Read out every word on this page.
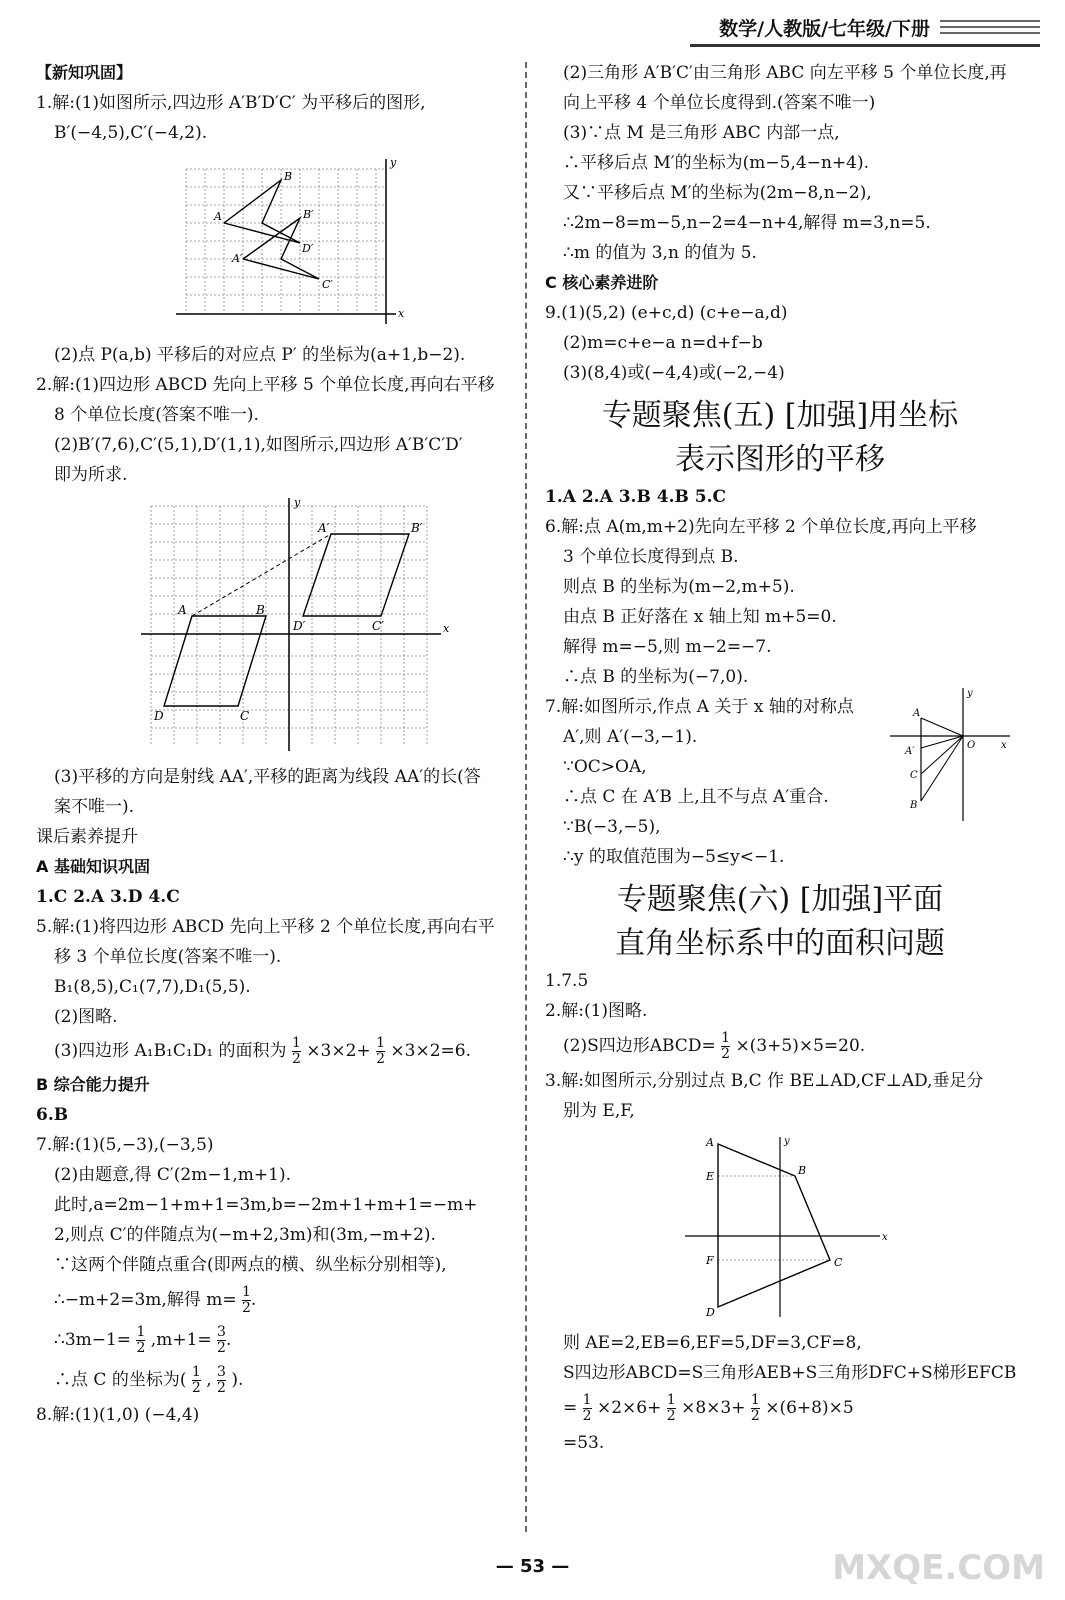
数学/人教版/七年级/下册

【新知巩固】

1.解:(1)如图所示,四边形 A′B′D′C′ 为平移后的图形,

B′(−4,5),C′(−4,2).

B
A	B′
A′
C′
D′
y
x

(2)点 P(a,b) 平移后的对应点 P′ 的坐标为(a+1,b−2).

2.解:(1)四边形 ABCD 先向上平移 5 个单位长度,再向右平移

8 个单位长度(答案不唯一).

(2)B′(7,6),C′(5,1),D′(1,1),如图所示,四边形 A′B′C′D′

即为所求.

A	B
C
D
A′	B′
C′
D′
y
x

(3)平移的方向是射线 AA′,平移的距离为线段 AA′的长(答

案不唯一).

课后素养提升

A 基础知识巩固

1.C 2.A 3.D 4.C

5.解:(1)将四边形 ABCD 先向上平移 2 个单位长度,再向右平

移 3 个单位长度(答案不唯一).

B₁(8,5),C₁(7,7),D₁(5,5).

(2)图略.

(3)四边形 A₁B₁C₁D₁ 的面积为 $\frac{1}{2} \times 3\times 2+ \frac{1}{2} \times 3\times 2=6$.

B 综合能力提升

6.B

7.解:(1)(5,−3),(−3,5)

(2)由题意,得 C′(2m−1,m+1).

此时,a=2m−1+m+1=3m,b=−2m+1+m+1=−m+

2,则点 C′的伴随点为(−m+2,3m)和(3m,−m+2).

∵这两个伴随点重合(即两点的横、纵坐标分别相等),

∴−m+2=3m,解得 $m= \frac{1}{2}$ .

∴3m−1= $\frac{1}{2} ,m+1= \frac{3}{2}$ .

∴点 C 的坐标为( $\frac{1}{2}$ , $\frac{3}{2}$ ).

8.解:(1)(1,0) (−4,4)

(2)三角形 A′B′C′由三角形 ABC 向左平移 5 个单位长度,再

向上平移 4 个单位长度得到.(答案不唯一)

(3)∵点 M 是三角形 ABC 内部一点,

∴平移后点 M′的坐标为(m−5,4−n+4).

又∵平移后点 M′的坐标为(2m−8,n−2),

∴2m−8=m−5,n−2=4−n+4,解得 m=3,n=5.

∴m 的值为 3,n 的值为 5.

C 核心素养进阶

9.(1)(5,2) (e+c,d) (c+e−a,d)

(2)m=c+e−a n=d+f−b

(3)(8,4)或(−4,4)或(−2,−4)

专题聚焦(五) [加强]用坐标
表示图形的平移

1.A 2.A 3.B 4.B 5.C

6.解:点 A(m,m+2)先向左平移 2 个单位长度,再向上平移

3 个单位长度得到点 B.

则点 B 的坐标为(m−2,m+5).

由点 B 正好落在 x 轴上知 m+5=0.

解得 m=−5,则 m−2=−7.

∴点 B 的坐标为(−7,0).

A
A′
C
B
O
y
x

7.解:如图所示,作点 A 关于 x 轴的对称点

A′,则 A′(−3,−1).

∵OC>OA,

∴点 C 在 A′B 上,且不与点 A′重合.

∵B(−3,−5),

∴y 的取值范围为−5≤y<−1.

专题聚焦(六) [加强]平面
直角坐标系中的面积问题

1.7.5

2.解:(1)图略.

(2)S四边形ABCD= $\frac{1}{2} \times(3+5)\times 5=20$.

3.解:如图所示,分别过点 B,C 作 BE⊥AD,CF⊥AD,垂足分

别为 E,F,

A
B
C
D
E
F
y
x

则 AE=2,EB=6,EF=5,DF=3,CF=8,

S四边形ABCD=S三角形AEB+S三角形DFC+S梯形EFCB

= $\frac{1}{2} \times 2\times 6+ \frac{1}{2} \times 8\times 3+ \frac{1}{2} \times(6+8)\times 5$

=53.

— 53 —	MXQE.COM
